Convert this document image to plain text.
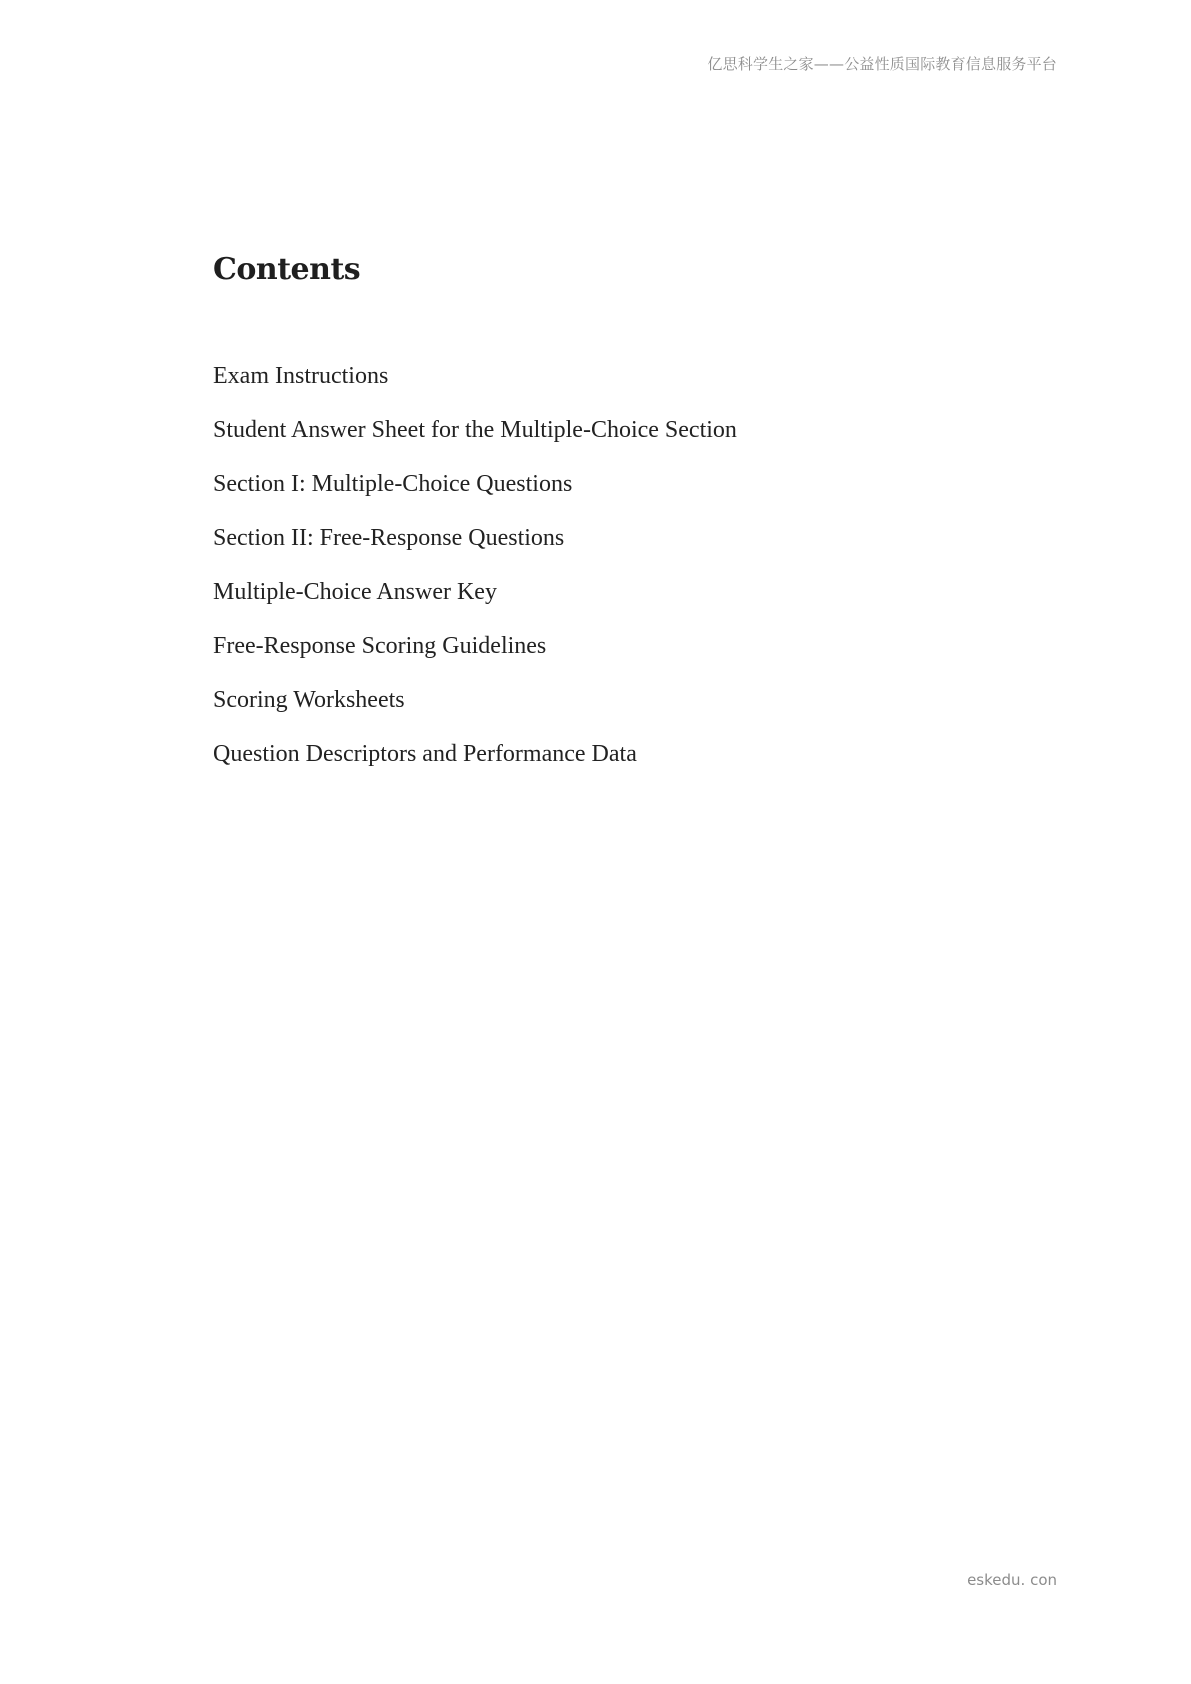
亿思科学生之家——公益性质国际教育信息服务平台
Contents
Exam Instructions
Student Answer Sheet for the Multiple-Choice Section
Section I: Multiple-Choice Questions
Section II: Free-Response Questions
Multiple-Choice Answer Key
Free-Response Scoring Guidelines
Scoring Worksheets
Question Descriptors and Performance Data
eskedu. con
